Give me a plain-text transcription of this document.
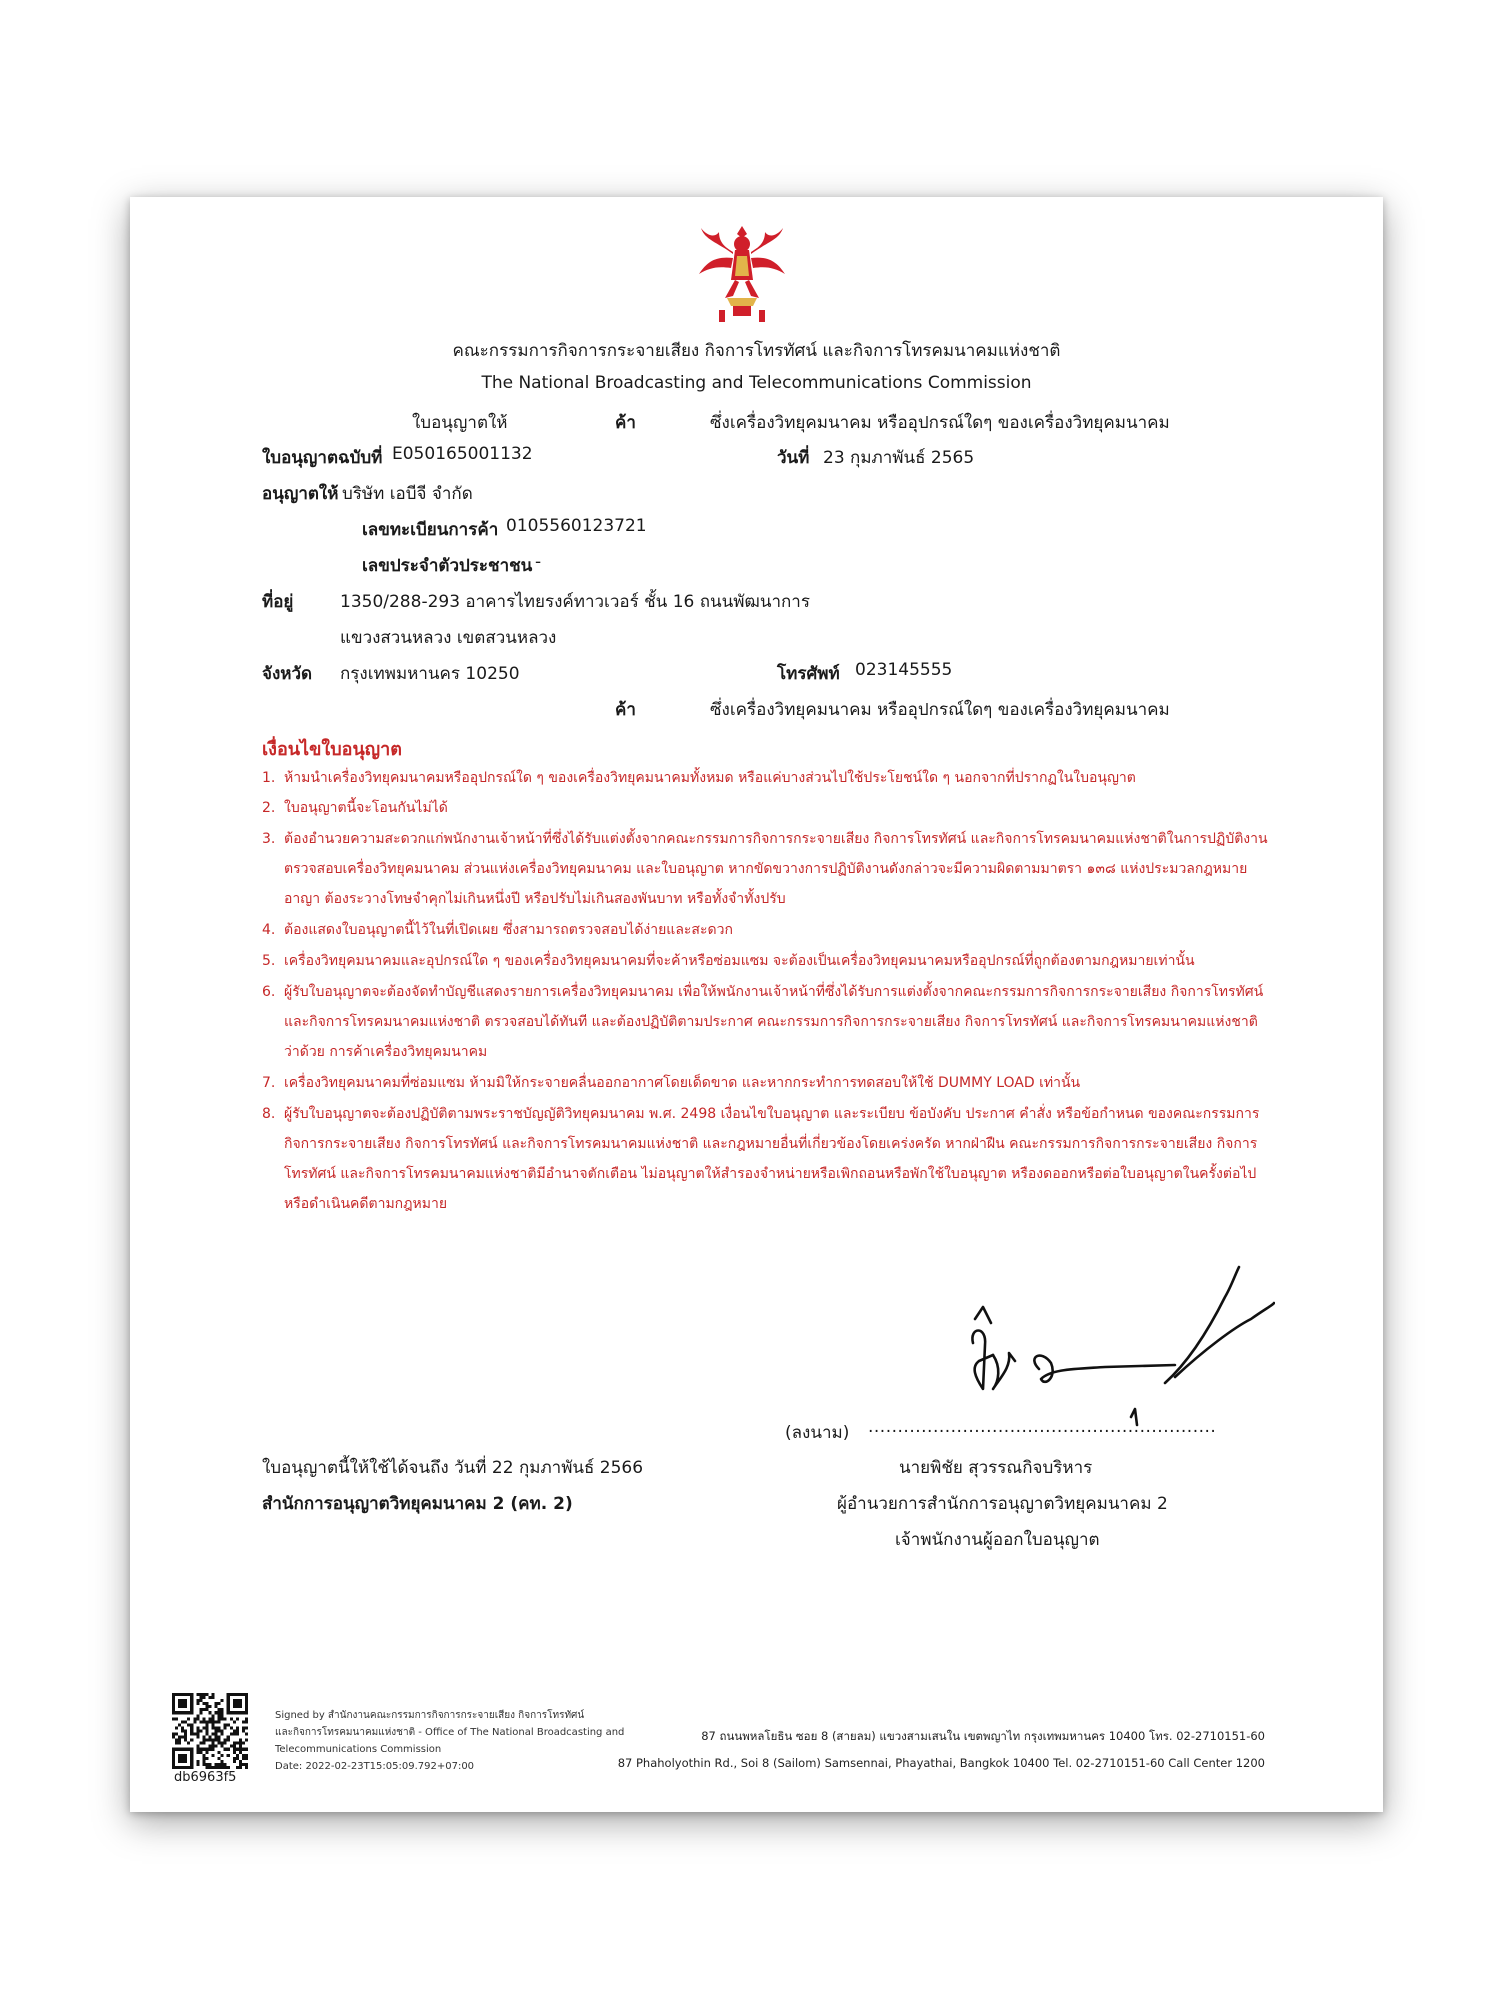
คณะกรรมการกิจการกระจายเสียง กิจการโทรทัศน์ และกิจการโทรคมนาคมแห่งชาติ
The National Broadcasting and Telecommunications Commission
ใบอนุญาตให้	ค้า	ซึ่งเครื่องวิทยุคมนาคม หรืออุปกรณ์ใดๆ ของเครื่องวิทยุคมนาคม
ใบอนุญาตฉบับที่ E050165001132	วันที่ 23 กุมภาพันธ์ 2565
อนุญาตให้ บริษัท เอบีจี จำกัด
เลขทะเบียนการค้า 0105560123721
เลขประจำตัวประชาชน -
ที่อยู่	1350/288-293 อาคารไทยรงค์ทาวเวอร์ ชั้น 16 ถนนพัฒนาการ
แขวงสวนหลวง เขตสวนหลวง
จังหวัด กรุงเทพมหานคร 10250	โทรศัพท์ 023145555
ค้า	ซึ่งเครื่องวิทยุคมนาคม หรืออุปกรณ์ใดๆ ของเครื่องวิทยุคมนาคม
เงื่อนไขใบอนุญาต
1. ห้ามนำเครื่องวิทยุคมนาคมหรืออุปกรณ์ใด ๆ ของเครื่องวิทยุคมนาคมทั้งหมด หรือแค่บางส่วนไปใช้ประโยชน์ใด ๆ นอกจากที่ปรากฏในใบอนุญาต
2. ใบอนุญาตนี้จะโอนกันไม่ได้
3. ต้องอำนวยความสะดวกแก่พนักงานเจ้าหน้าที่ซึ่งได้รับแต่งตั้งจากคณะกรรมการกิจการกระจายเสียง กิจการโทรทัศน์ และกิจการโทรคมนาคมแห่งชาติในการปฏิบัติงานตรวจสอบเครื่องวิทยุคมนาคม ส่วนแห่งเครื่องวิทยุคมนาคม และใบอนุญาต หากขัดขวางการปฏิบัติงานดังกล่าวจะมีความผิดตามมาตรา ๑๓๘ แห่งประมวลกฎหมายอาญา ต้องระวางโทษจำคุกไม่เกินหนึ่งปี หรือปรับไม่เกินสองพันบาท หรือทั้งจำทั้งปรับ
4. ต้องแสดงใบอนุญาตนี้ไว้ในที่เปิดเผย ซึ่งสามารถตรวจสอบได้ง่ายและสะดวก
5. เครื่องวิทยุคมนาคมและอุปกรณ์ใด ๆ ของเครื่องวิทยุคมนาคมที่จะค้าหรือซ่อมแซม จะต้องเป็นเครื่องวิทยุคมนาคมหรืออุปกรณ์ที่ถูกต้องตามกฎหมายเท่านั้น
6. ผู้รับใบอนุญาตจะต้องจัดทำบัญชีแสดงรายการเครื่องวิทยุคมนาคม เพื่อให้พนักงานเจ้าหน้าที่ซึ่งได้รับการแต่งตั้งจากคณะกรรมการกิจการกระจายเสียง กิจการโทรทัศน์ และกิจการโทรคมนาคมแห่งชาติ ตรวจสอบได้ทันที และต้องปฏิบัติตามประกาศ คณะกรรมการกิจการกระจายเสียง กิจการโทรทัศน์ และกิจการโทรคมนาคมแห่งชาติ ว่าด้วย การค้าเครื่องวิทยุคมนาคม
7. เครื่องวิทยุคมนาคมที่ซ่อมแซม ห้ามมิให้กระจายคลื่นออกอากาศโดยเด็ดขาด และหากกระทำการทดสอบให้ใช้ DUMMY LOAD เท่านั้น
8. ผู้รับใบอนุญาตจะต้องปฏิบัติตามพระราชบัญญัติวิทยุคมนาคม พ.ศ. 2498 เงื่อนไขใบอนุญาต และระเบียบ ข้อบังคับ ประกาศ คำสั่ง หรือข้อกำหนด ของคณะกรรมการกิจการกระจายเสียง กิจการโทรทัศน์ และกิจการโทรคมนาคมแห่งชาติ และกฎหมายอื่นที่เกี่ยวข้องโดยเคร่งครัด หากฝ่าฝืน คณะกรรมการกิจการกระจายเสียง กิจการโทรทัศน์ และกิจการโทรคมนาคมแห่งชาติมีอำนาจตักเตือน ไม่อนุญาตให้สำรองจำหน่ายหรือเพิกถอนหรือพักใช้ใบอนุญาต หรืองดออกหรือต่อใบอนุญาตในครั้งต่อไป หรือดำเนินคดีตามกฎหมาย
(ลงนาม) ...........................................................
ใบอนุญาตนี้ให้ใช้ได้จนถึง วันที่ 22 กุมภาพันธ์ 2566	นายพิชัย สุวรรณกิจบริหาร
สำนักการอนุญาตวิทยุคมนาคม 2 (คท. 2)	ผู้อำนวยการสำนักการอนุญาตวิทยุคมนาคม 2
เจ้าพนักงานผู้ออกใบอนุญาต
db6963f5
Signed by สำนักงานคณะกรรมการกิจการกระจายเสียง กิจการโทรทัศน์
และกิจการโทรคมนาคมแห่งชาติ - Office of The National Broadcasting and
Telecommunications Commission
Date: 2022-02-23T15:05:09.792+07:00
87 ถนนพหลโยธิน ซอย 8 (สายลม) แขวงสามเสนใน เขตพญาไท กรุงเทพมหานคร 10400 โทร. 02-2710151-60
87 Phaholyothin Rd., Soi 8 (Sailom) Samsennai, Phayathai, Bangkok 10400 Tel. 02-2710151-60 Call Center 1200
